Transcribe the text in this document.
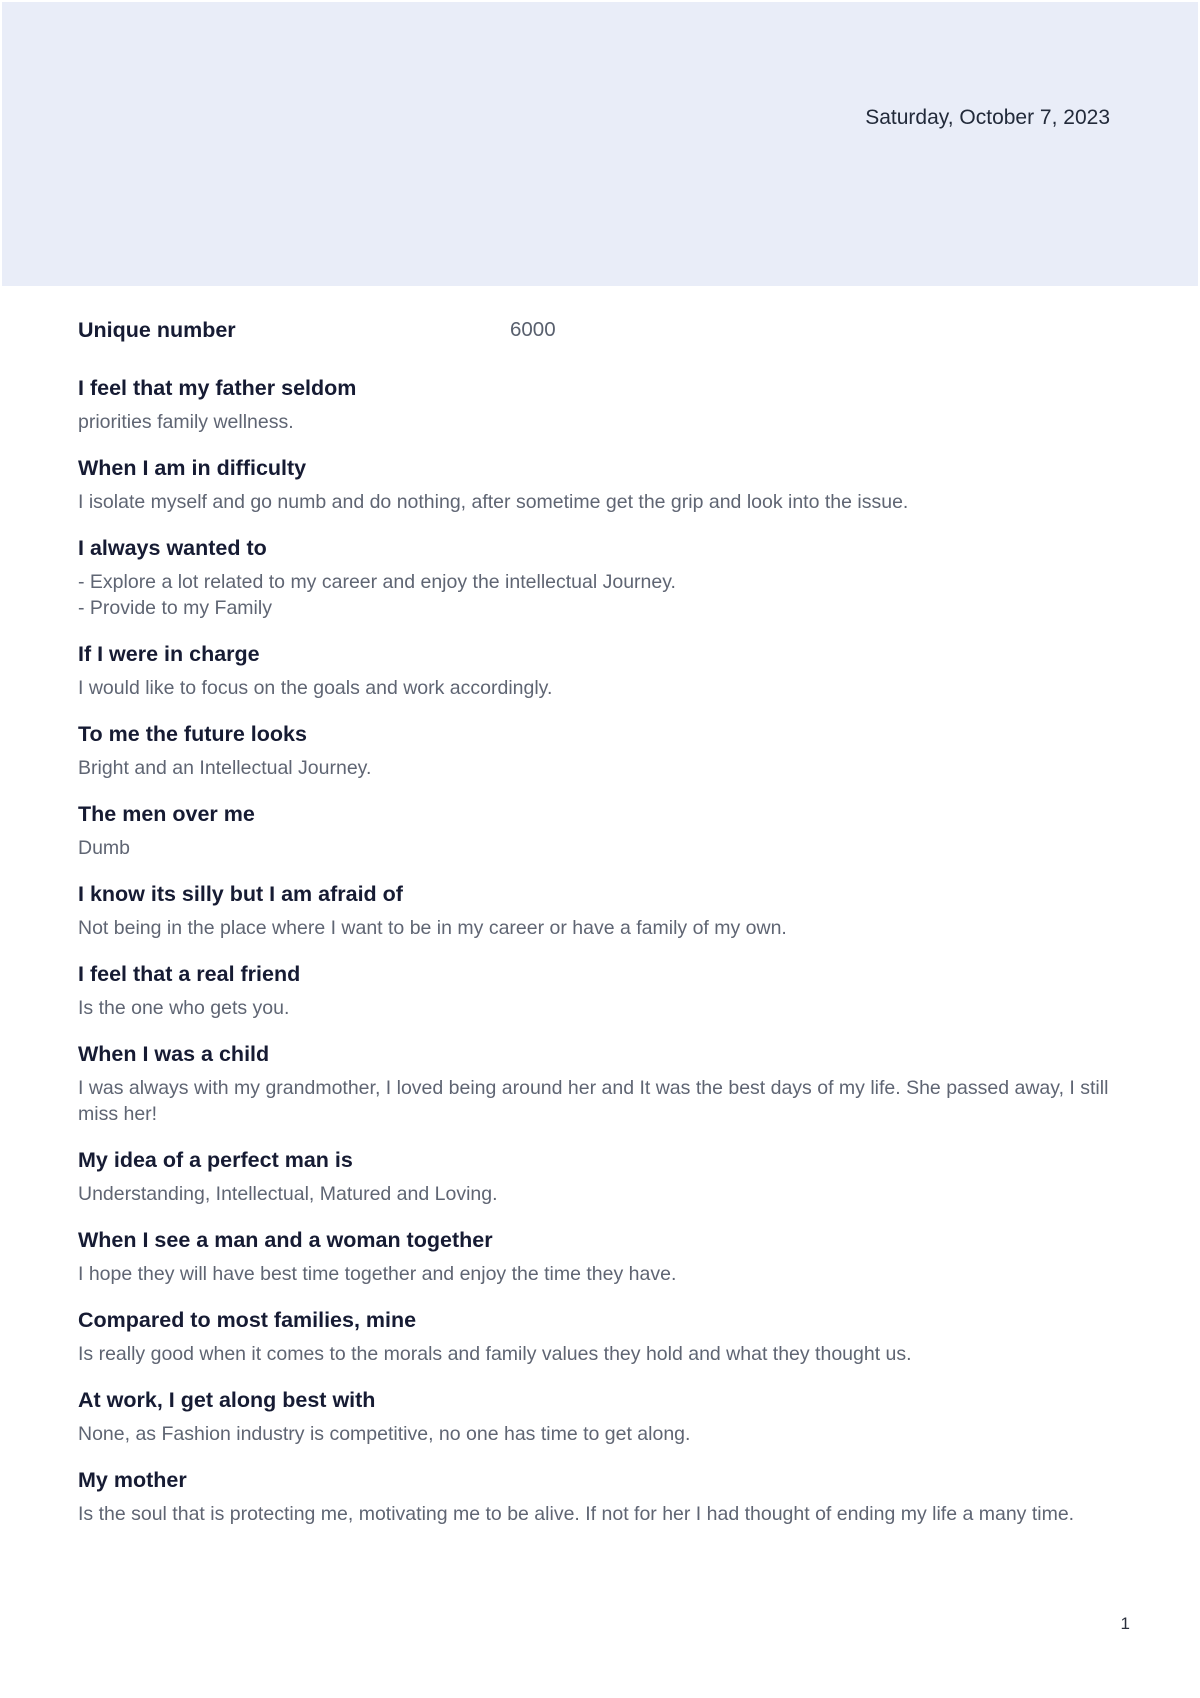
Saturday, October 7, 2023
Unique number	6000
I feel that my father seldom
priorities family wellness.
When I am in difficulty
I isolate myself and go numb and do nothing, after sometime get the grip and look into the issue.
I always wanted to
- Explore a lot related to my career and enjoy the intellectual Journey.
- Provide to my Family
If I were in charge
I would like to focus on the goals and work accordingly.
To me the future looks
Bright and an Intellectual Journey.
The men over me
Dumb
I know its silly but I am afraid of
Not being in the place where I want to be in my career or have a family of my own.
I feel that a real friend
Is the one who gets you.
When I was a child
I was always with my grandmother, I loved being around her and It was the best days of my life. She passed away, I still miss her!
My idea of a perfect man is
Understanding, Intellectual, Matured and Loving.
When I see a man and a woman together
I hope they will have best time together and enjoy the time they have.
Compared to most families, mine
Is really good when it comes to the morals and family values they hold and what they thought us.
At work, I get along best with
None, as Fashion industry is competitive, no one has time to get along.
My mother
Is the soul that is protecting me, motivating me to be alive. If not for her I had thought of ending my life a many time.
1
